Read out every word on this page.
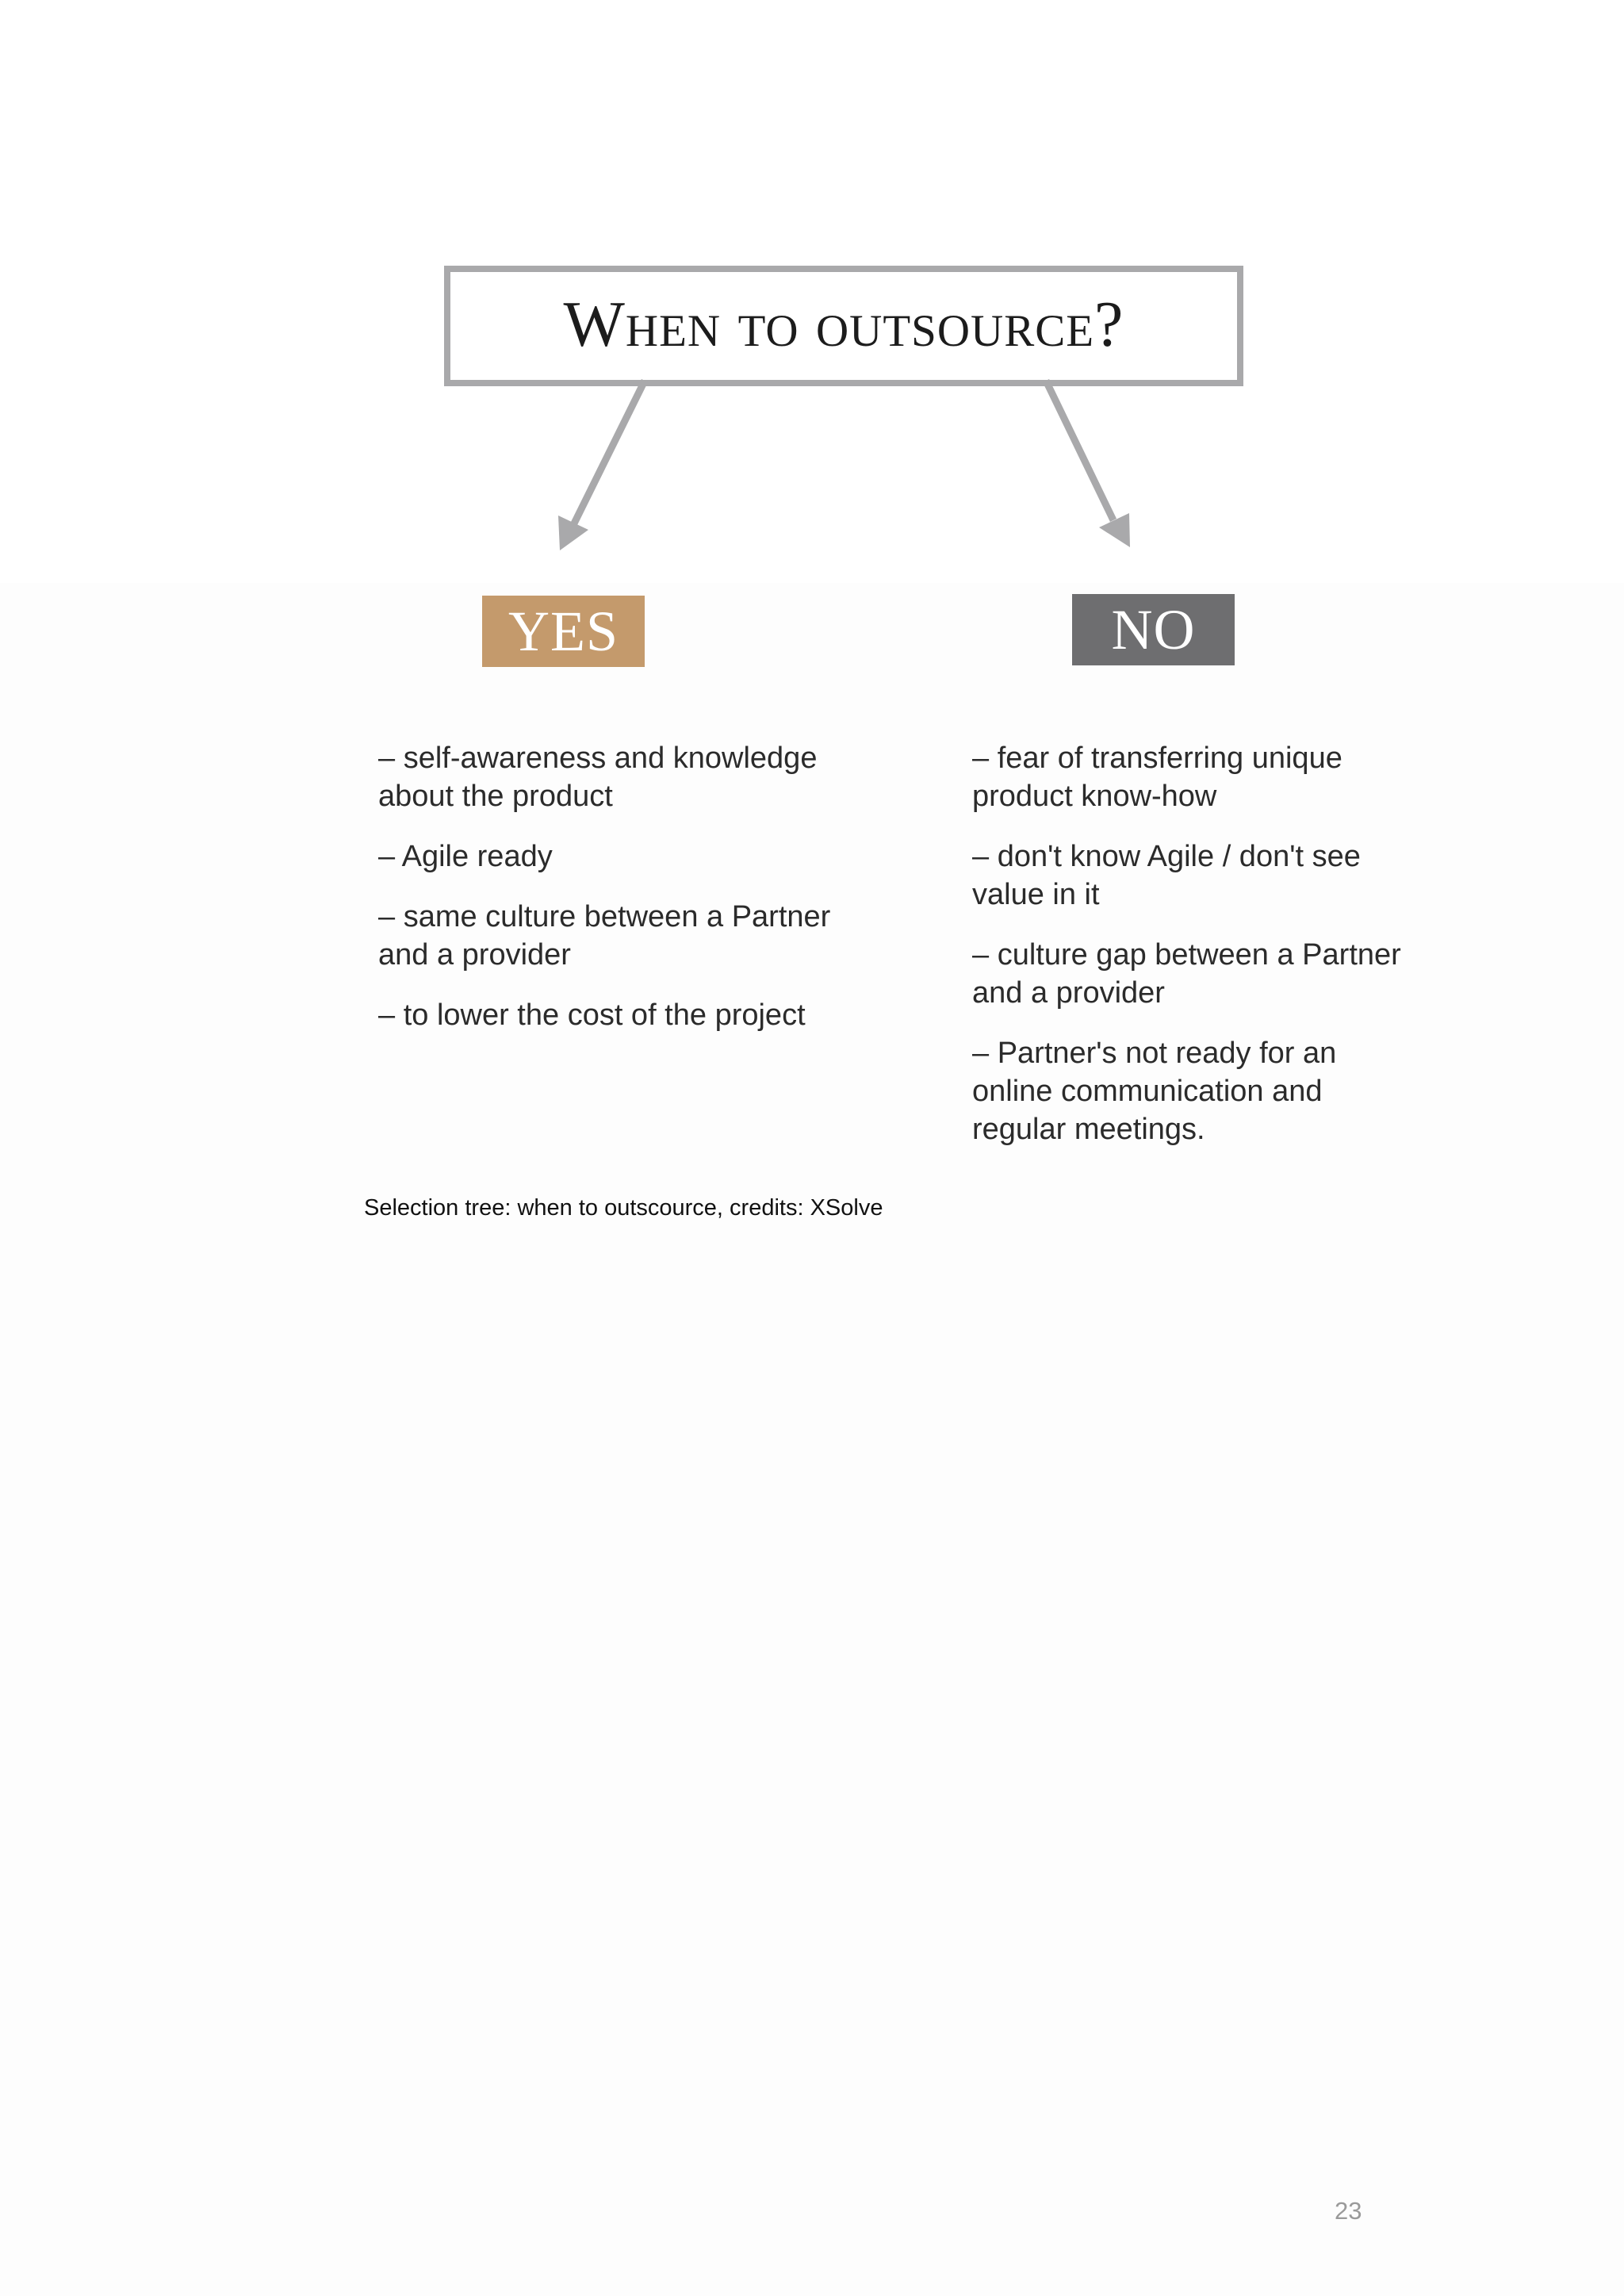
When to outsource?
YES	NO

– self-awareness and knowledge about the product

– Agile ready

– same culture between a Partner and a provider

– to lower the cost of the project

– fear of transferring unique product know-how

– don't know Agile / don't see value in it

– culture gap between a Partner and a provider

– Partner's not ready for an online communication and regular meetings.

Selection tree: when to outscource, credits: XSolve
23
